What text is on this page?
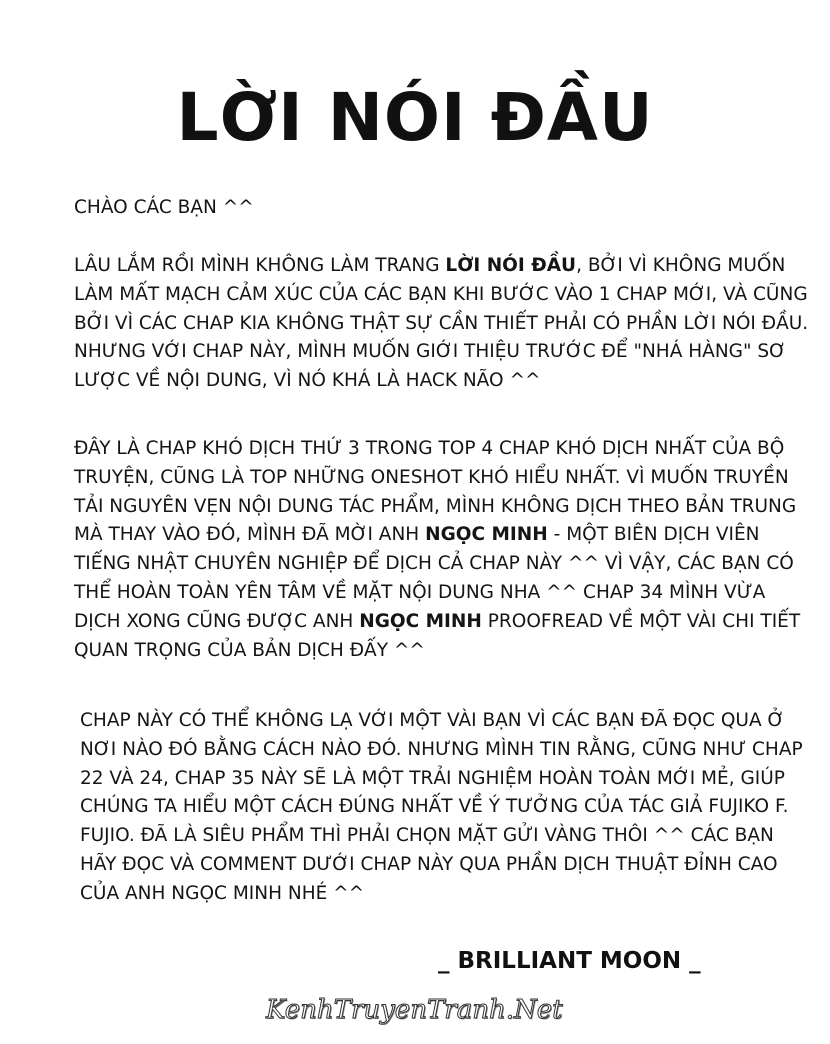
LỜI NÓI ĐẦU

CHÀO CÁC BẠN ^^

LÂU LẮM RỒI MÌNH KHÔNG LÀM TRANG LỜI NÓI ĐẦU, BỞI VÌ KHÔNG MUỐN
LÀM MẤT MẠCH CẢM XÚC CỦA CÁC BẠN KHI BƯỚC VÀO 1 CHAP MỚI, VÀ CŨNG
BỞI VÌ CÁC CHAP KIA KHÔNG THẬT SỰ CẦN THIẾT PHẢI CÓ PHẦN LỜI NÓI ĐẦU.
NHƯNG VỚI CHAP NÀY, MÌNH MUỐN GIỚI THIỆU TRƯỚC ĐỂ "NHÁ HÀNG" SƠ
LƯỢC VỀ NỘI DUNG, VÌ NÓ KHÁ LÀ HACK NÃO ^^

ĐÂY LÀ CHAP KHÓ DỊCH THỨ 3 TRONG TOP 4 CHAP KHÓ DỊCH NHẤT CỦA BỘ
TRUYỆN, CŨNG LÀ TOP NHỮNG ONESHOT KHÓ HIỂU NHẤT. VÌ MUỐN TRUYỀN
TẢI NGUYÊN VẸN NỘI DUNG TÁC PHẨM, MÌNH KHÔNG DỊCH THEO BẢN TRUNG
MÀ THAY VÀO ĐÓ, MÌNH ĐÃ MỜI ANH NGỌC MINH - MỘT BIÊN DỊCH VIÊN
TIẾNG NHẬT CHUYÊN NGHIỆP ĐỂ DỊCH CẢ CHAP NÀY ^^ VÌ VẬY, CÁC BẠN CÓ
THỂ HOÀN TOÀN YÊN TÂM VỀ MẶT NỘI DUNG NHA ^^ CHAP 34 MÌNH VỪA
DỊCH XONG CŨNG ĐƯỢC ANH NGỌC MINH PROOFREAD VỀ MỘT VÀI CHI TIẾT
QUAN TRỌNG CỦA BẢN DỊCH ĐẤY ^^

CHAP NÀY CÓ THỂ KHÔNG LẠ VỚI MỘT VÀI BẠN VÌ CÁC BẠN ĐÃ ĐỌC QUA Ở
NƠI NÀO ĐÓ BẰNG CÁCH NÀO ĐÓ. NHƯNG MÌNH TIN RẰNG, CŨNG NHƯ CHAP
22 VÀ 24, CHAP 35 NÀY SẼ LÀ MỘT TRẢI NGHIỆM HOÀN TOÀN MỚI MẺ, GIÚP
CHÚNG TA HIỂU MỘT CÁCH ĐÚNG NHẤT VỀ Ý TƯỞNG CỦA TÁC GIẢ FUJIKO F.
FUJIO. ĐÃ LÀ SIÊU PHẨM THÌ PHẢI CHỌN MẶT GỬI VÀNG THÔI ^^ CÁC BẠN
HÃY ĐỌC VÀ COMMENT DƯỚI CHAP NÀY QUA PHẦN DỊCH THUẬT ĐỈNH CAO
CỦA ANH NGỌC MINH NHÉ ^^

_ BRILLIANT MOON _
KenhTruyenTranh.Net
